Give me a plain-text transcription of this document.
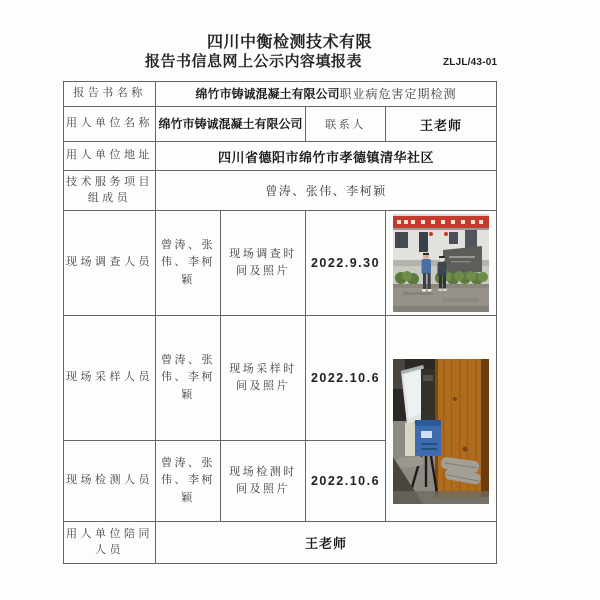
四川中衡检测技术有限
报告书信息网上公示内容填报表	ZLJL/43-01
报告书名称	绵竹市铸诚混凝土有限公司职业病危害定期检测			
用人单位名称	绵竹市铸诚混凝土有限公司		联系人	王老师
用人单位地址	四川省德阳市绵竹市孝德镇清华社区			
技术服务项目组成员	曾涛、张伟、李柯颖			
现场调查人员	曾涛、张伟、李柯颖	现场调查时间及照片	2022.9.30	

现场采样人员	曾涛、张伟、李柯颖	现场采样时间及照片	2022.10.6	

现场检测人员	曾涛、张伟、李柯颖	现场检测时间及照片	2022.10.6	
用人单位陪同人员	王老师			
